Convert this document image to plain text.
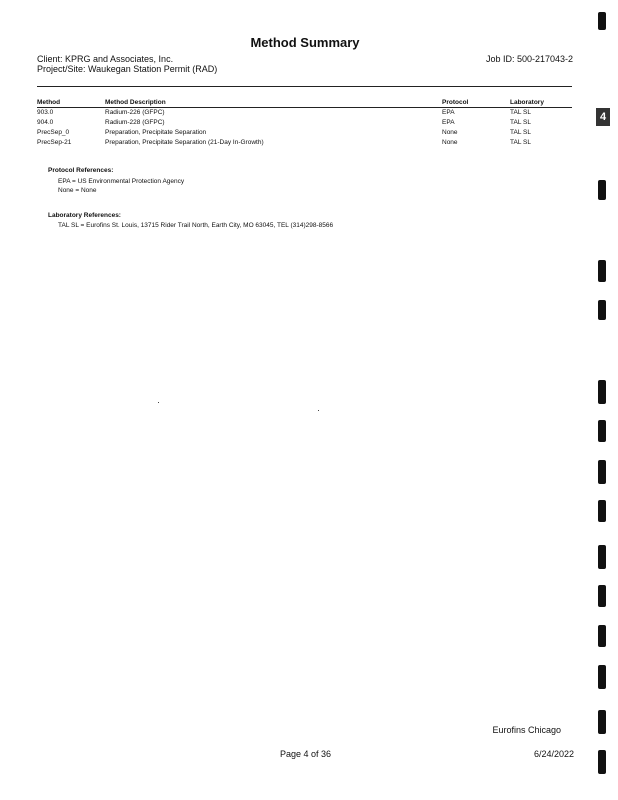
Method Summary
Client: KPRG and Associates, Inc.
Project/Site: Waukegan Station Permit (RAD)
Job ID: 500-217043-2
Method	Method Description	Protocol	Laboratory
903.0	Radium-226 (GFPC)	EPA	TAL SL
904.0	Radium-228 (GFPC)	EPA	TAL SL
PrecSep_0	Preparation, Precipitate Separation	None	TAL SL
PrecSep-21	Preparation, Precipitate Separation (21-Day In-Growth)	None	TAL SL
Protocol References:
EPA = US Environmental Protection Agency
None = None
Laboratory References:
TAL SL = Eurofins St. Louis, 13715 Rider Trail North, Earth City, MO 63045, TEL (314)298-8566
Eurofins Chicago
Page 4 of 36	6/24/2022
4
